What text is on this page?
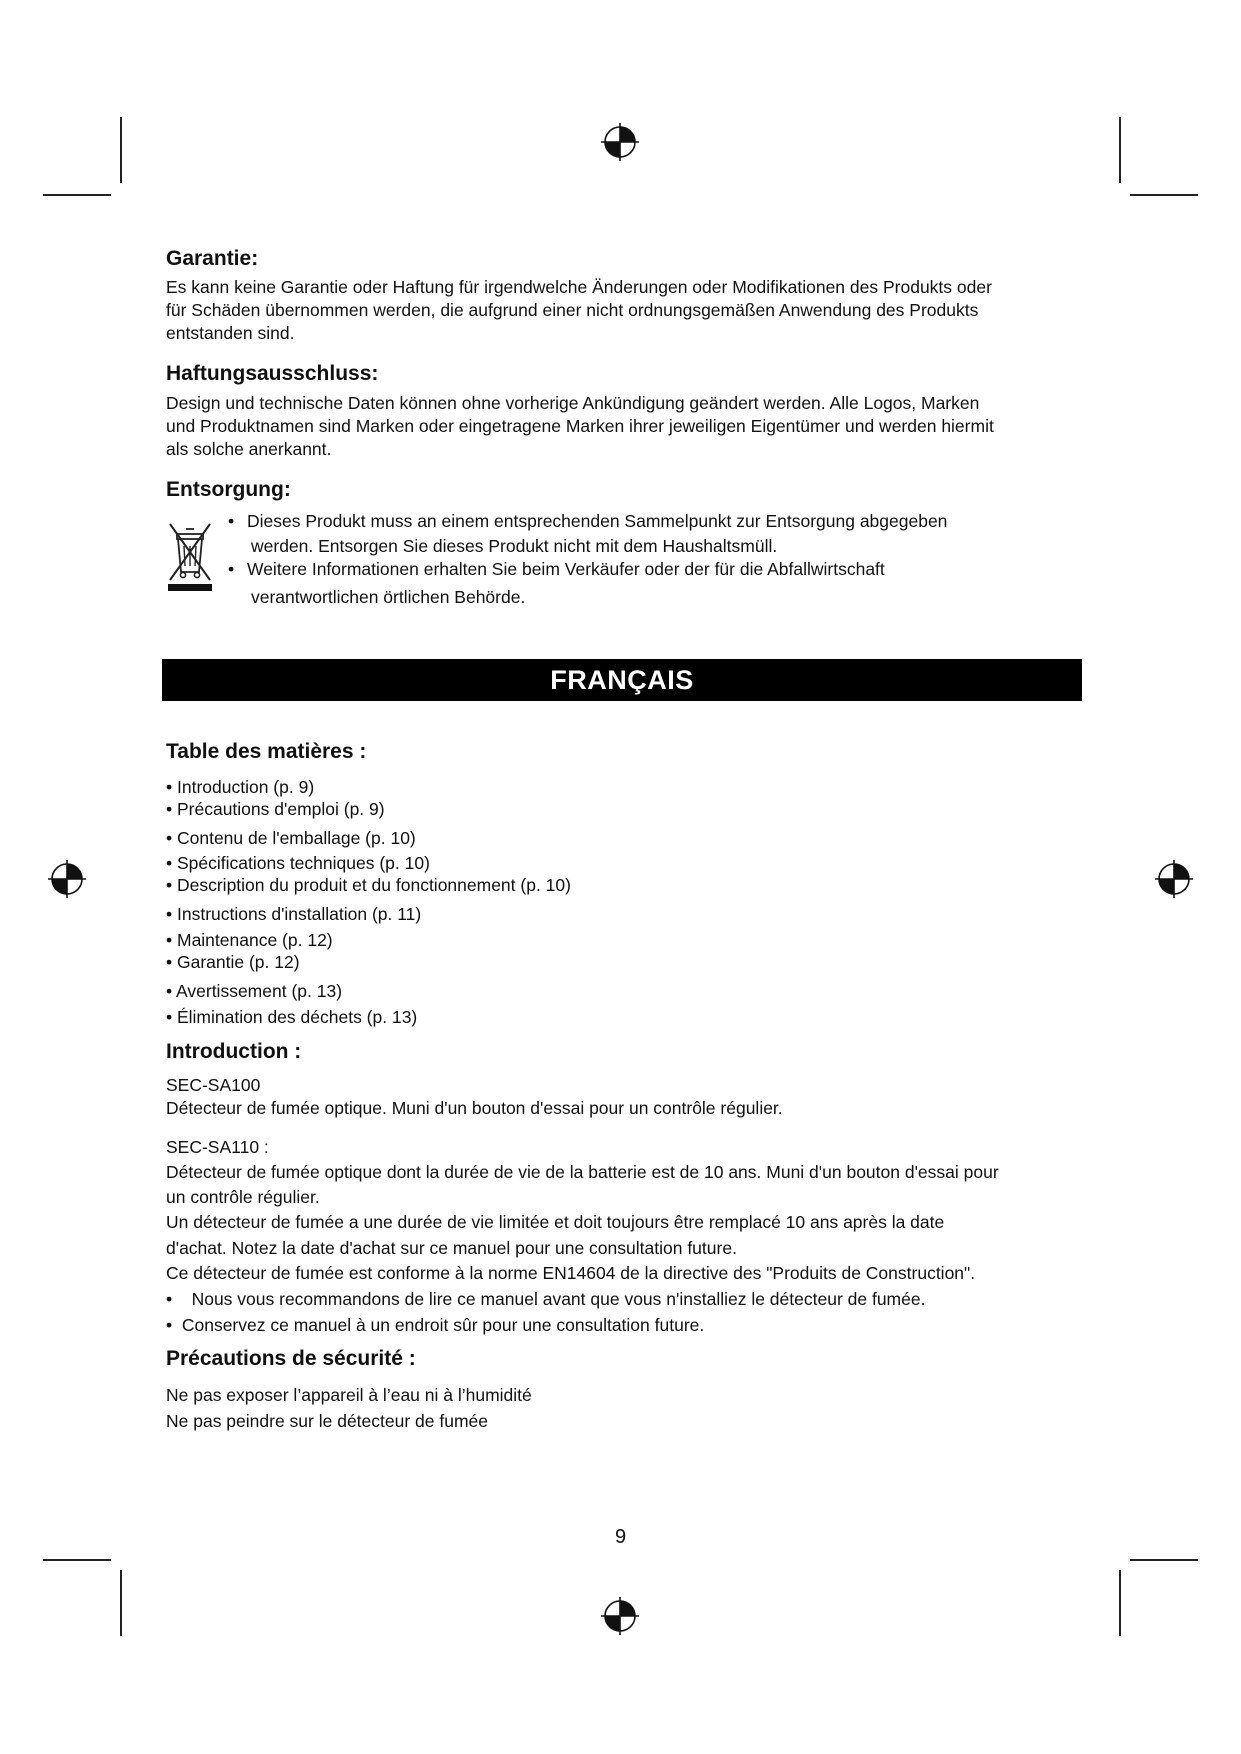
Garantie:

Es kann keine Garantie oder Haftung für irgendwelche Änderungen oder Modifikationen des Produkts oder

für Schäden übernommen werden, die aufgrund einer nicht ordnungsgemäßen Anwendung des Produkts

entstanden sind.

Haftungsausschluss:

Design und technische Daten können ohne vorherige Ankündigung geändert werden. Alle Logos, Marken

und Produktnamen sind Marken oder eingetragene Marken ihrer jeweiligen Eigentümer und werden hiermit

als solche anerkannt.

Entsorgung:
• Dieses Produkt muss an einem entsprechenden Sammelpunkt zur Entsorgung abgegeben
werden. Entsorgen Sie dieses Produkt nicht mit dem Haushaltsmüll.
• Weitere Informationen erhalten Sie beim Verkäufer oder der für die Abfallwirtschaft
verantwortlichen örtlichen Behörde.
FRANÇAIS
Table des matières :
• Introduction (p. 9)
• Précautions d'emploi (p. 9)
• Contenu de l'emballage (p. 10)
• Spécifications techniques (p. 10)
• Description du produit et du fonctionnement (p. 10)
• Instructions d'installation (p. 11)
• Maintenance (p. 12)
• Garantie (p. 12)
• Avertissement (p. 13)
• Élimination des déchets (p. 13)
Introduction :
SEC-SA100
Détecteur de fumée optique. Muni d'un bouton d'essai pour un contrôle régulier.
SEC-SA110 :
Détecteur de fumée optique dont la durée de vie de la batterie est de 10 ans. Muni d'un bouton d'essai pour
un contrôle régulier.
Un détecteur de fumée a une durée de vie limitée et doit toujours être remplacé 10 ans après la date
d'achat. Notez la date d'achat sur ce manuel pour une consultation future.
Ce détecteur de fumée est conforme à la norme EN14604 de la directive des "Produits de Construction".
•    Nous vous recommandons de lire ce manuel avant que vous n'installiez le détecteur de fumée.
•  Conservez ce manuel à un endroit sûr pour une consultation future.
Précautions de sécurité :
Ne pas exposer l’appareil à l’eau ni à l’humidité
Ne pas peindre sur le détecteur de fumée
9
